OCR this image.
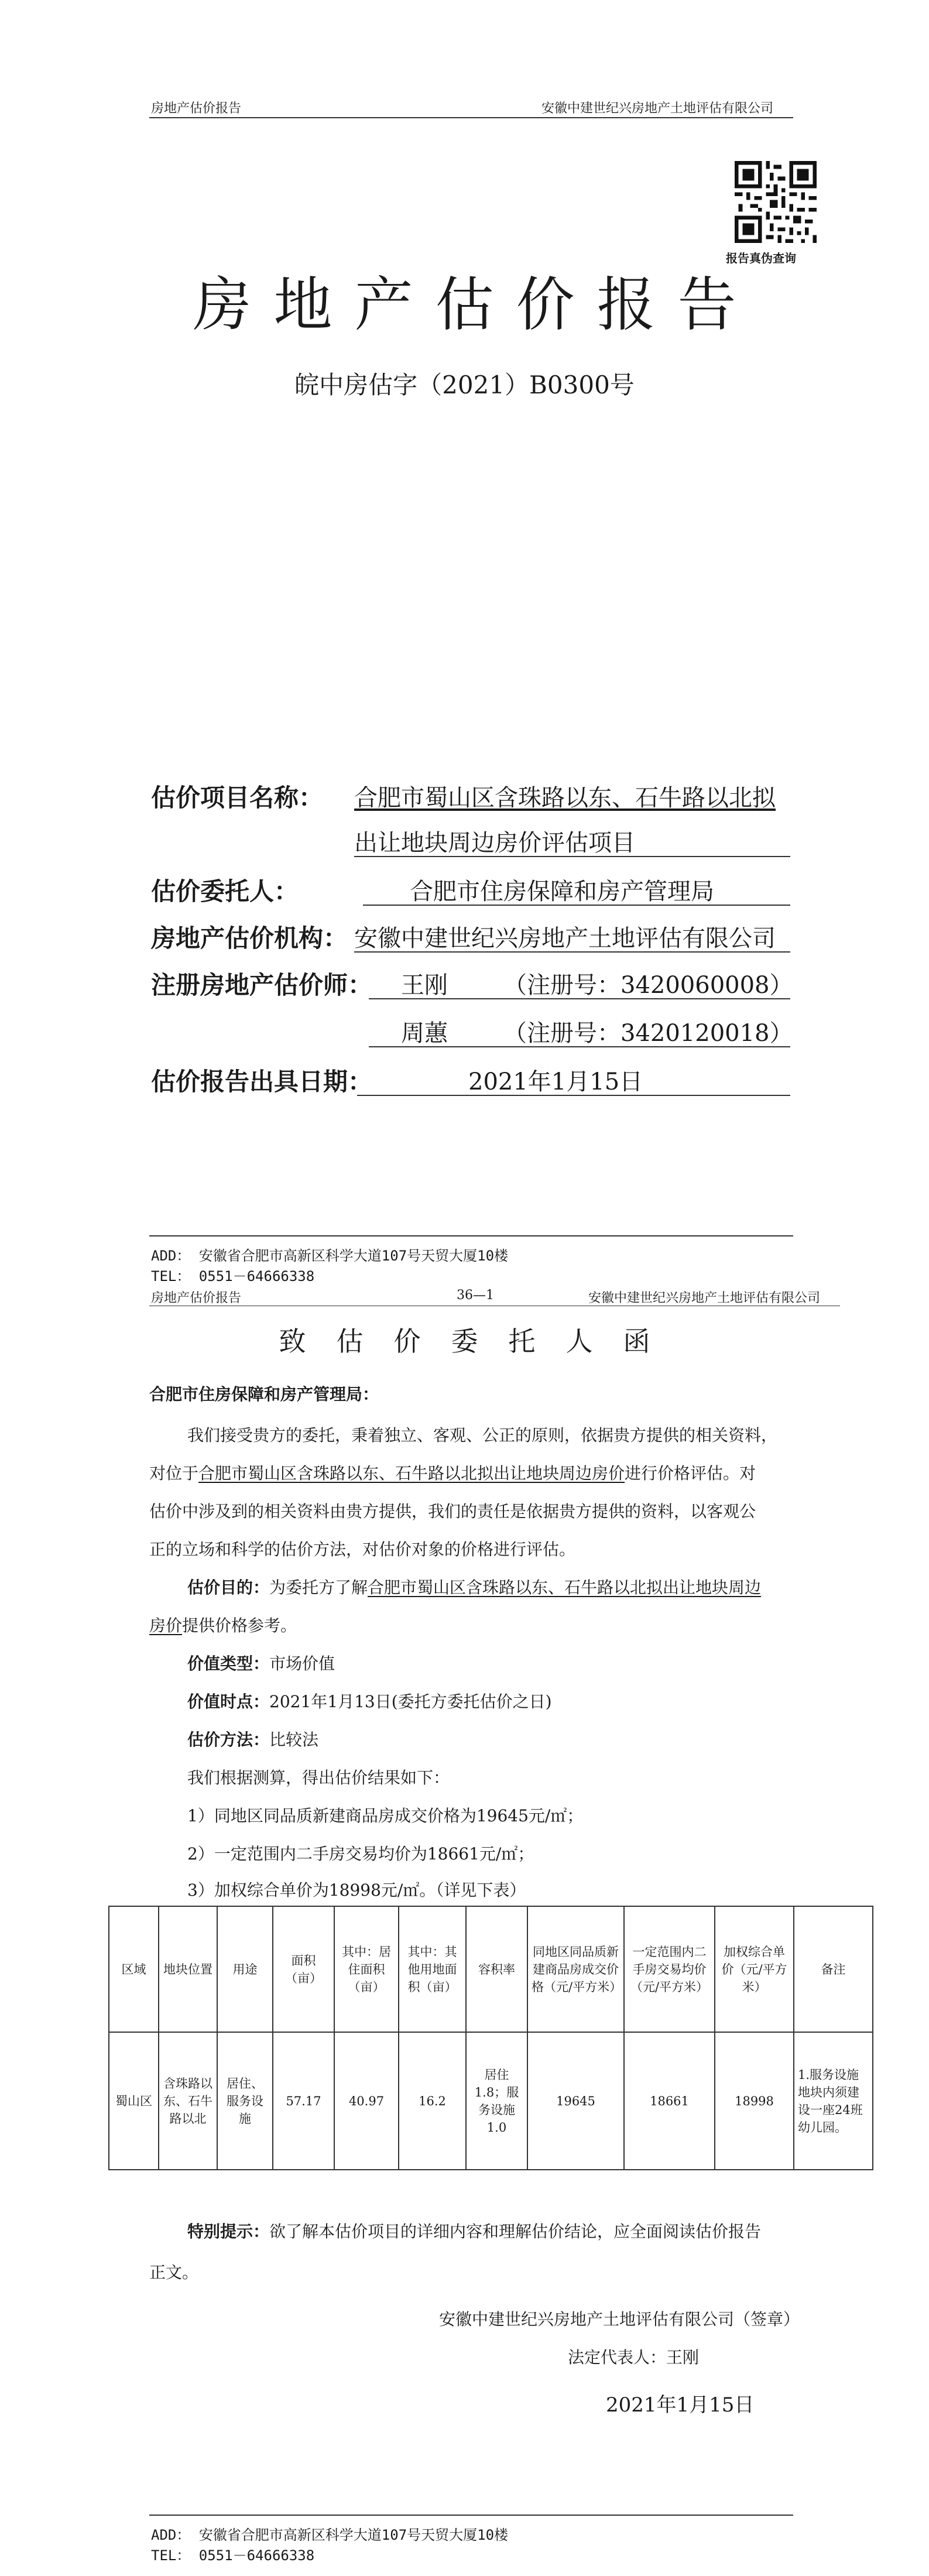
房地产估价报告	安徽中建世纪兴房地产土地评估有限公司
报告真伪查询
房地产估价报告
皖中房估字（2021）B0300号
估价项目名称： 合肥市蜀山区含珠路以东、石牛路以北拟
出让地块周边房价评估项目
估价委托人：	合肥市住房保障和房产管理局
房地产估价机构： 安徽中建世纪兴房地产土地评估有限公司
注册房地产估价师： 王刚 （注册号：3420060008）
周蕙 （注册号：3420120018）
估价报告出具日期：	2021年1月15日
ADD： 安徽省合肥市高新区科学大道107号天贸大厦10楼
TEL： 0551－64666338
房地产估价报告	36—1	安徽中建世纪兴房地产土地评估有限公司
致估价委托人函
合肥市住房保障和房产管理局：
我们接受贵方的委托，秉着独立、客观、公正的原则，依据贵方提供的相关资料，
对位于合肥市蜀山区含珠路以东、石牛路以北拟出让地块周边房价进行价格评估。对
估价中涉及到的相关资料由贵方提供，我们的责任是依据贵方提供的资料，以客观公
正的立场和科学的估价方法，对估价对象的价格进行评估。
估价目的：为委托方了解合肥市蜀山区含珠路以东、石牛路以北拟出让地块周边
房价提供价格参考。
价值类型：市场价值
价值时点：2021年1月13日(委托方委托估价之日)
估价方法：比较法
我们根据测算，得出估价结果如下：
1）同地区同品质新建商品房成交价格为19645元/㎡；
2）一定范围内二手房交易均价为18661元/㎡；
区域	地块位置	用途	面积（亩）	其中：居住面积（亩）	其中：其他用地面积（亩）	容积率	同地区同品质新建商品房成交价格（元/平方米）	一定范围内二手房交易均价（元/平方米）	加权综合单价（元/平方米）	备注
蜀山区	含珠路以东、石牛路以北	居住、服务设施	57.17	40.97	16.2	居住1.8；服务设施1.0	19645	18661	18998	1.服务设施地块内须建设一座24班幼儿园。
3）加权综合单价为18998元/㎡。（详见下表）
特别提示：欲了解本估价项目的详细内容和理解估价结论，应全面阅读估价报告
正文。
安徽中建世纪兴房地产土地评估有限公司（签章）
法定代表人：王刚
2021年1月15日
ADD： 安徽省合肥市高新区科学大道107号天贸大厦10楼
TEL： 0551－64666338
